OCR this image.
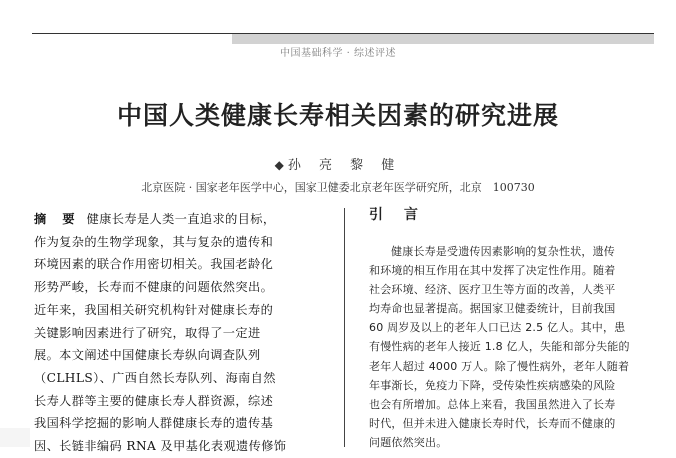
中国基础科学 · 综述评述
中国人类健康长寿相关因素的研究进展
◆孙 亮 黎 健
北京医院 · 国家老年医学中心，国家卫健委北京老年医学研究所，北京　100730
摘 要 健康长寿是人类一直追求的目标，
作为复杂的生物学现象，其与复杂的遗传和
环境因素的联合作用密切相关。我国老龄化
形势严峻，长寿而不健康的问题依然突出。
近年来，我国相关研究机构针对健康长寿的
关键影响因素进行了研究，取得了一定进
展。本文阐述中国健康长寿纵向调查队列
（CLHLS）、广西自然长寿队列、海南自然
长寿人群等主要的健康长寿人群资源，综述
我国科学挖掘的影响人群健康长寿的遗传基
因、长链非编码 RNA 及甲基化表观遗传修饰
引 言
健康长寿是受遗传因素影响的复杂性状，遗传
和环境的相互作用在其中发挥了决定性作用。随着
社会环境、经济、医疗卫生等方面的改善，人类平
均寿命也显著提高。据国家卫健委统计，目前我国
60 周岁及以上的老年人口已达 2.5 亿人。其中，患
有慢性病的老年人接近 1.8 亿人，失能和部分失能的
老年人超过 4000 万人。除了慢性病外，老年人随着
年事渐长，免疫力下降，受传染性疾病感染的风险
也会有所增加。总体上来看，我国虽然进入了长寿
时代，但并未进入健康长寿时代，长寿而不健康的
问题依然突出。
